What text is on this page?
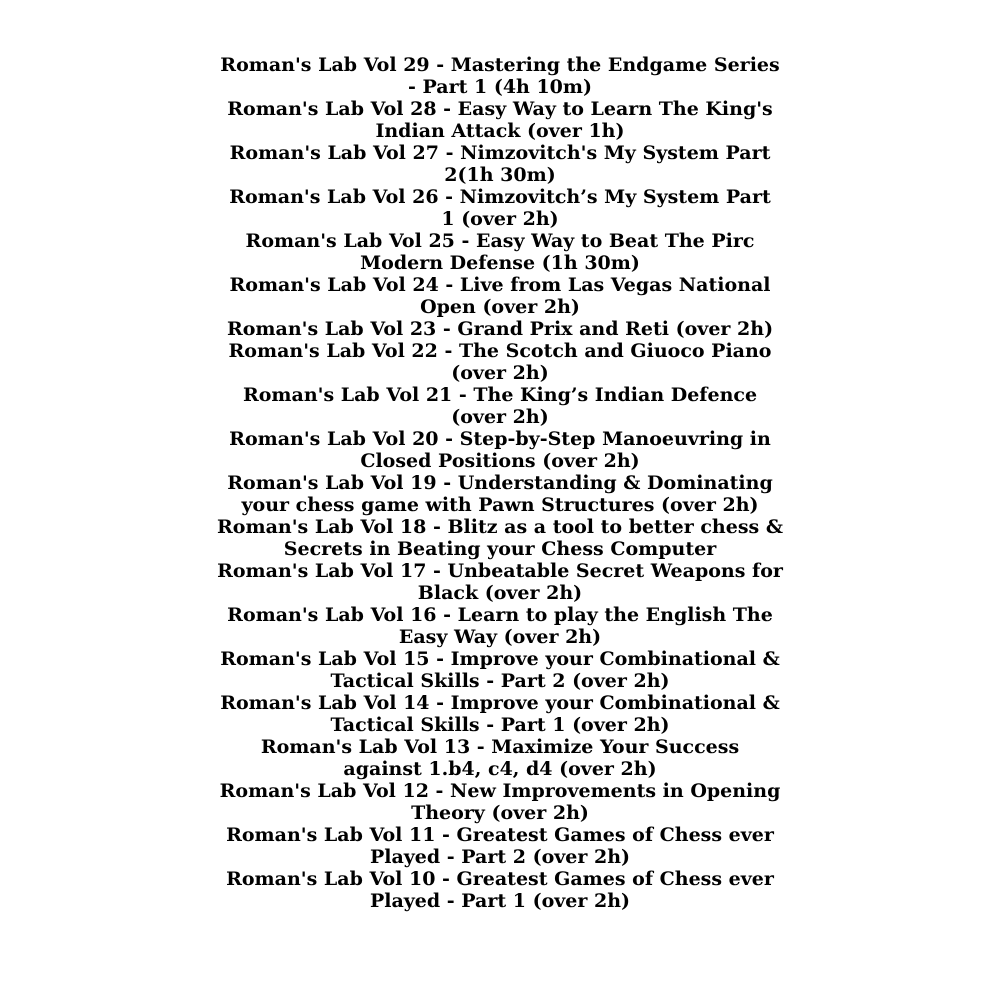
Roman's Lab Vol 29 - Mastering the Endgame Series
- Part 1 (4h 10m)
Roman's Lab Vol 28 - Easy Way to Learn The King's
Indian Attack (over 1h)
Roman's Lab Vol 27 - Nimzovitch's My System Part
2(1h 30m)
Roman's Lab Vol 26 - Nimzovitch’s My System Part
1 (over 2h)
Roman's Lab Vol 25 - Easy Way to Beat The Pirc
Modern Defense (1h 30m)
Roman's Lab Vol 24 - Live from Las Vegas National
Open (over 2h)
Roman's Lab Vol 23 - Grand Prix and Reti (over 2h)
Roman's Lab Vol 22 - The Scotch and Giuoco Piano
(over 2h)
Roman's Lab Vol 21 - The King’s Indian Defence
(over 2h)
Roman's Lab Vol 20 - Step-by-Step Manoeuvring in
Closed Positions (over 2h)
Roman's Lab Vol 19 - Understanding & Dominating
your chess game with Pawn Structures (over 2h)
Roman's Lab Vol 18 - Blitz as a tool to better chess &
Secrets in Beating your Chess Computer
Roman's Lab Vol 17 - Unbeatable Secret Weapons for
Black (over 2h)
Roman's Lab Vol 16 - Learn to play the English The
Easy Way (over 2h)
Roman's Lab Vol 15 - Improve your Combinational &
Tactical Skills - Part 2 (over 2h)
Roman's Lab Vol 14 - Improve your Combinational &
Tactical Skills - Part 1 (over 2h)
Roman's Lab Vol 13 - Maximize Your Success
against 1.b4, c4, d4 (over 2h)
Roman's Lab Vol 12 - New Improvements in Opening
Theory (over 2h)
Roman's Lab Vol 11 - Greatest Games of Chess ever
Played - Part 2 (over 2h)
Roman's Lab Vol 10 - Greatest Games of Chess ever
Played - Part 1 (over 2h)
